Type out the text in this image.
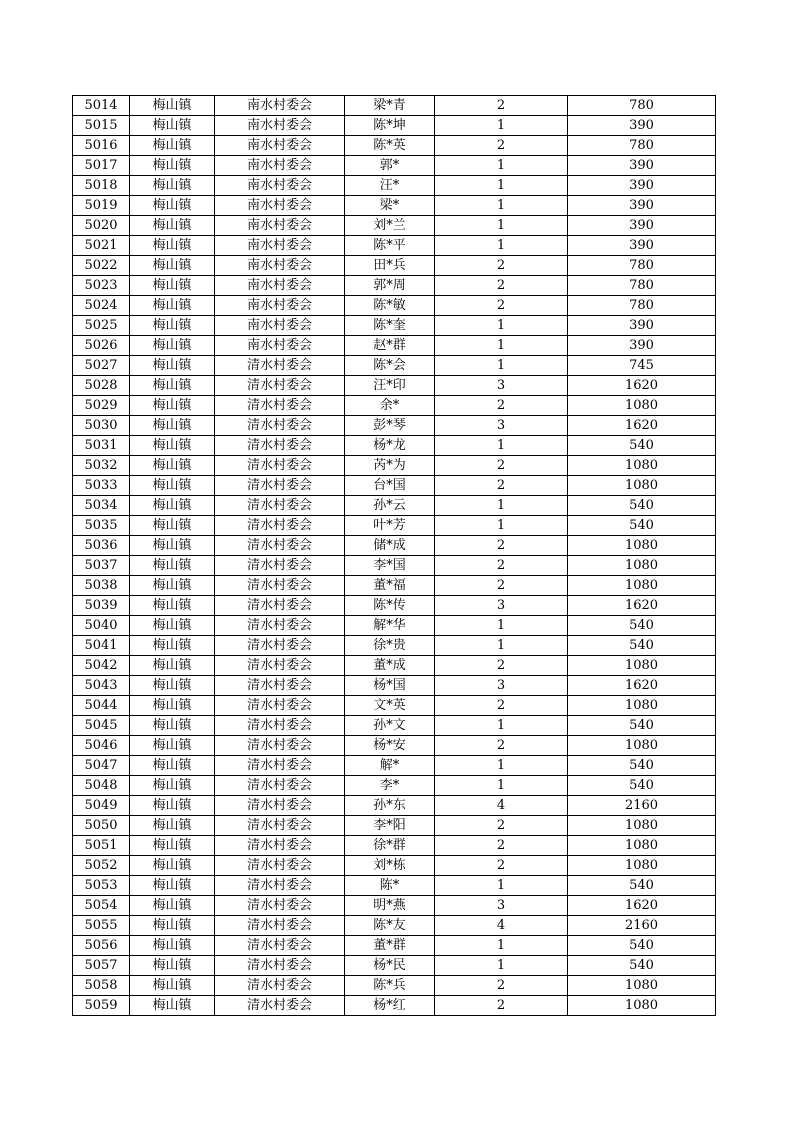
5014	梅山镇	南水村委会	梁*青	2	780
5015	梅山镇	南水村委会	陈*坤	1	390
5016	梅山镇	南水村委会	陈*英	2	780
5017	梅山镇	南水村委会	郭*	1	390
5018	梅山镇	南水村委会	汪*	1	390
5019	梅山镇	南水村委会	梁*	1	390
5020	梅山镇	南水村委会	刘*兰	1	390
5021	梅山镇	南水村委会	陈*平	1	390
5022	梅山镇	南水村委会	田*兵	2	780
5023	梅山镇	南水村委会	郭*周	2	780
5024	梅山镇	南水村委会	陈*敏	2	780
5025	梅山镇	南水村委会	陈*奎	1	390
5026	梅山镇	南水村委会	赵*群	1	390
5027	梅山镇	清水村委会	陈*会	1	745
5028	梅山镇	清水村委会	汪*印	3	1620
5029	梅山镇	清水村委会	余*	2	1080
5030	梅山镇	清水村委会	彭*琴	3	1620
5031	梅山镇	清水村委会	杨*龙	1	540
5032	梅山镇	清水村委会	芮*为	2	1080
5033	梅山镇	清水村委会	台*国	2	1080
5034	梅山镇	清水村委会	孙*云	1	540
5035	梅山镇	清水村委会	叶*芳	1	540
5036	梅山镇	清水村委会	储*成	2	1080
5037	梅山镇	清水村委会	李*国	2	1080
5038	梅山镇	清水村委会	董*福	2	1080
5039	梅山镇	清水村委会	陈*传	3	1620
5040	梅山镇	清水村委会	解*华	1	540
5041	梅山镇	清水村委会	徐*贵	1	540
5042	梅山镇	清水村委会	董*成	2	1080
5043	梅山镇	清水村委会	杨*国	3	1620
5044	梅山镇	清水村委会	文*英	2	1080
5045	梅山镇	清水村委会	孙*文	1	540
5046	梅山镇	清水村委会	杨*安	2	1080
5047	梅山镇	清水村委会	解*	1	540
5048	梅山镇	清水村委会	李*	1	540
5049	梅山镇	清水村委会	孙*东	4	2160
5050	梅山镇	清水村委会	李*阳	2	1080
5051	梅山镇	清水村委会	徐*群	2	1080
5052	梅山镇	清水村委会	刘*栋	2	1080
5053	梅山镇	清水村委会	陈*	1	540
5054	梅山镇	清水村委会	明*燕	3	1620
5055	梅山镇	清水村委会	陈*友	4	2160
5056	梅山镇	清水村委会	董*群	1	540
5057	梅山镇	清水村委会	杨*民	1	540
5058	梅山镇	清水村委会	陈*兵	2	1080
5059	梅山镇	清水村委会	杨*红	2	1080
